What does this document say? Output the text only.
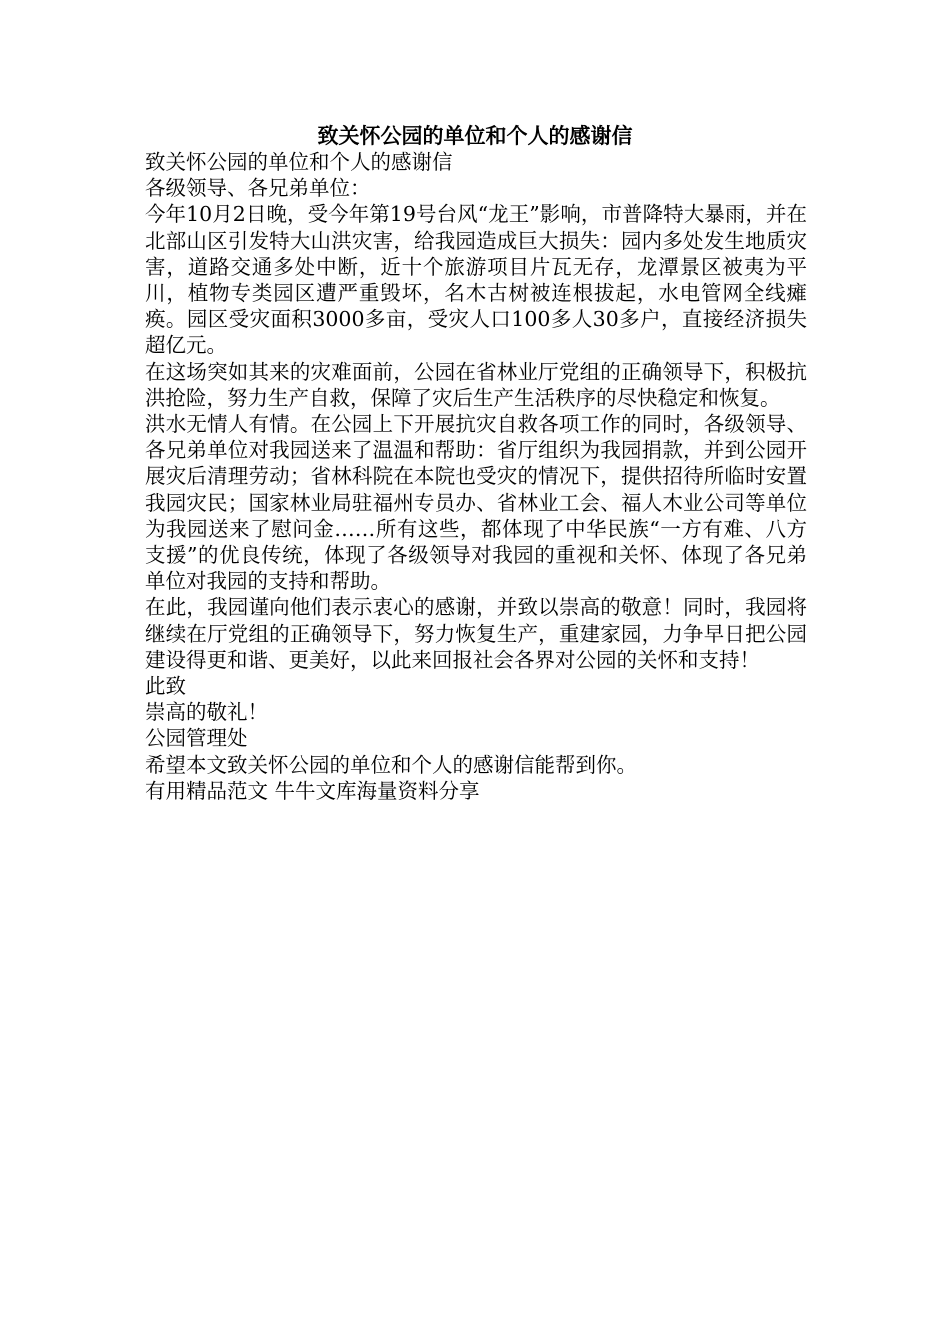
致关怀公园的单位和个人的感谢信

致关怀公园的单位和个人的感谢信

各级领导、各兄弟单位：

今年10月2日晚，受今年第19号台风“龙王”影响，市普降特大暴雨，并在北部山区引发特大山洪灾害，给我园造成巨大损失：园内多处发生地质灾害，道路交通多处中断，近十个旅游项目片瓦无存，龙潭景区被夷为平川，植物专类园区遭严重毁坏，名木古树被连根拔起，水电管网全线瘫痪。园区受灾面积3000多亩，受灾人口100多人30多户，直接经济损失超亿元。

在这场突如其来的灾难面前，公园在省林业厅党组的正确领导下，积极抗洪抢险，努力生产自救，保障了灾后生产生活秩序的尽快稳定和恢复。

洪水无情人有情。在公园上下开展抗灾自救各项工作的同时，各级领导、各兄弟单位对我园送来了温温和帮助：省厅组织为我园捐款，并到公园开展灾后清理劳动；省林科院在本院也受灾的情况下，提供招待所临时安置我园灾民；国家林业局驻福州专员办、省林业工会、福人木业公司等单位为我园送来了慰问金……所有这些，都体现了中华民族“一方有难、八方支援”的优良传统，体现了各级领导对我园的重视和关怀、体现了各兄弟单位对我园的支持和帮助。

在此，我园谨向他们表示衷心的感谢，并致以崇高的敬意！同时，我园将继续在厅党组的正确领导下，努力恢复生产，重建家园，力争早日把公园建设得更和谐、更美好，以此来回报社会各界对公园的关怀和支持！

此致

崇高的敬礼！

公园管理处

希望本文致关怀公园的单位和个人的感谢信能帮到你。

有用精品范文 牛牛文库海量资料分享
